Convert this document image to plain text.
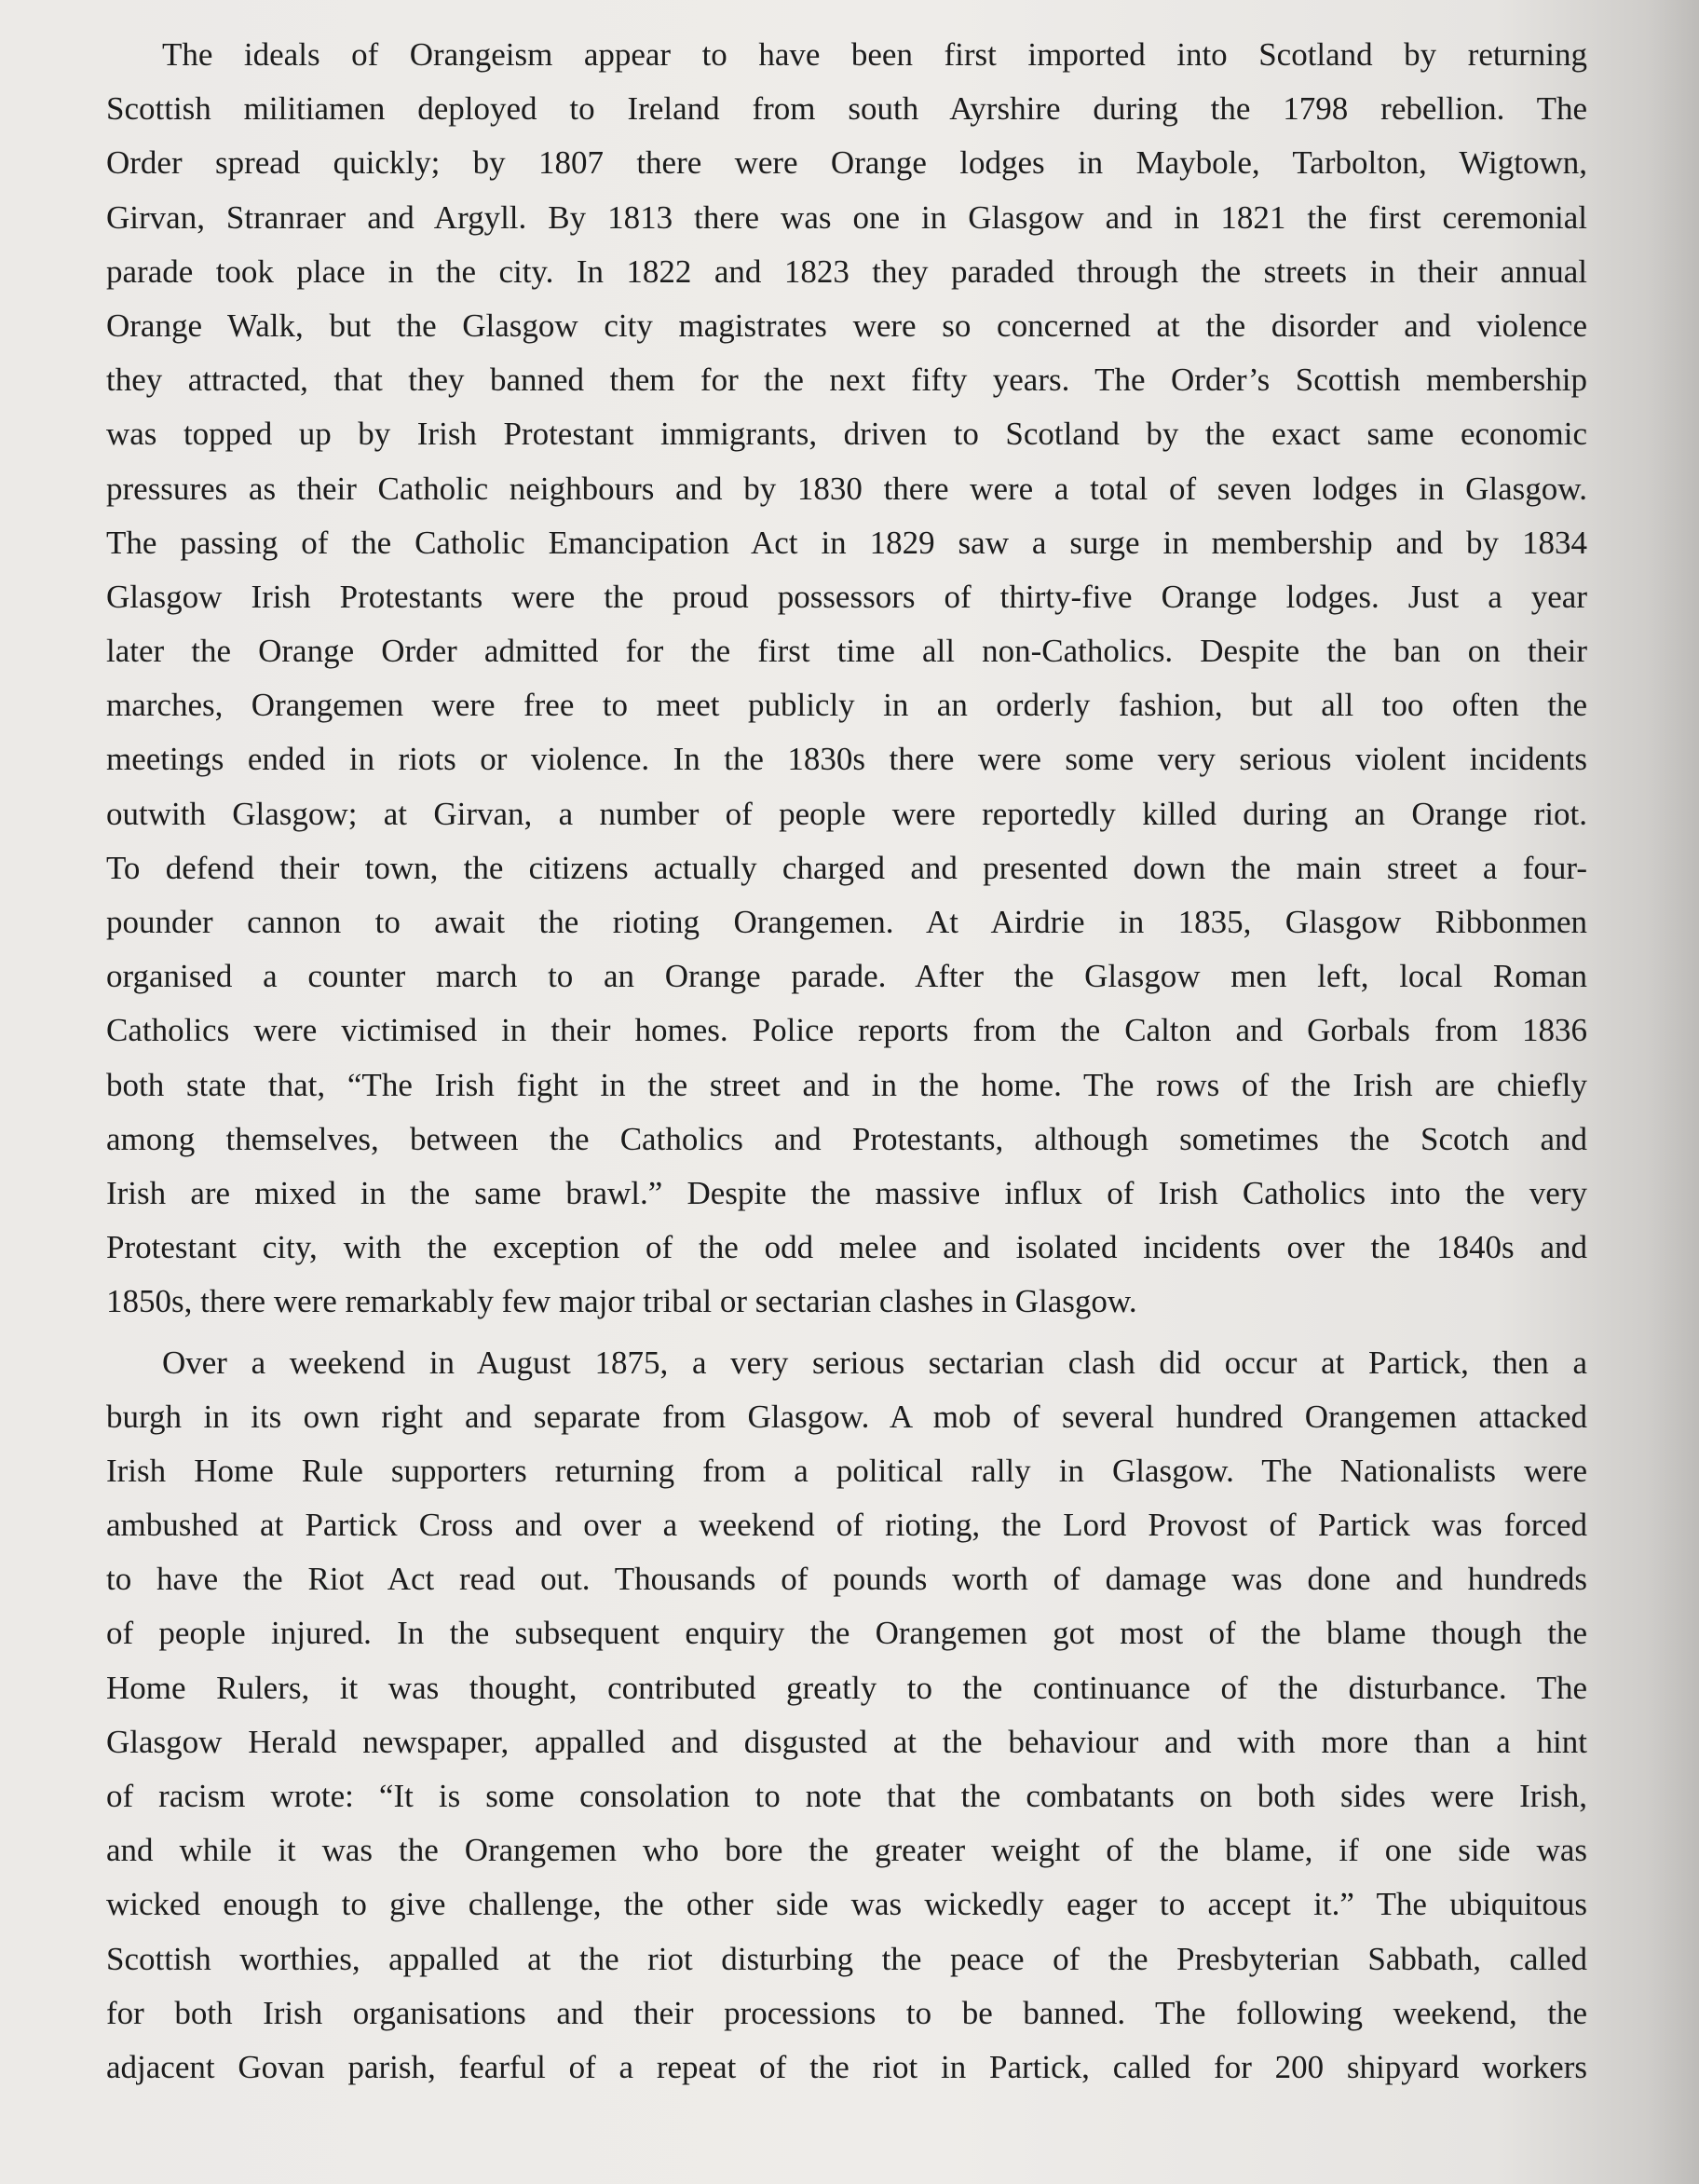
The ideals of Orangeism appear to have been first imported into Scotland by returning
Scottish militiamen deployed to Ireland from south Ayrshire during the 1798 rebellion. The
Order spread quickly; by 1807 there were Orange lodges in Maybole, Tarbolton, Wigtown,
Girvan, Stranraer and Argyll. By 1813 there was one in Glasgow and in 1821 the first ceremonial
parade took place in the city. In 1822 and 1823 they paraded through the streets in their annual
Orange Walk, but the Glasgow city magistrates were so concerned at the disorder and violence
they attracted, that they banned them for the next fifty years. The Order’s Scottish membership
was topped up by Irish Protestant immigrants, driven to Scotland by the exact same economic
pressures as their Catholic neighbours and by 1830 there were a total of seven lodges in Glasgow.
The passing of the Catholic Emancipation Act in 1829 saw a surge in membership and by 1834
Glasgow Irish Protestants were the proud possessors of thirty-five Orange lodges. Just a year
later the Orange Order admitted for the first time all non-Catholics. Despite the ban on their
marches, Orangemen were free to meet publicly in an orderly fashion, but all too often the
meetings ended in riots or violence. In the 1830s there were some very serious violent incidents
outwith Glasgow; at Girvan, a number of people were reportedly killed during an Orange riot.
To defend their town, the citizens actually charged and presented down the main street a four-
pounder cannon to await the rioting Orangemen. At Airdrie in 1835, Glasgow Ribbonmen
organised a counter march to an Orange parade. After the Glasgow men left, local Roman
Catholics were victimised in their homes. Police reports from the Calton and Gorbals from 1836
both state that, “The Irish fight in the street and in the home. The rows of the Irish are chiefly
among themselves, between the Catholics and Protestants, although sometimes the Scotch and
Irish are mixed in the same brawl.” Despite the massive influx of Irish Catholics into the very
Protestant city, with the exception of the odd melee and isolated incidents over the 1840s and
1850s, there were remarkably few major tribal or sectarian clashes in Glasgow.
Over a weekend in August 1875, a very serious sectarian clash did occur at Partick, then a
burgh in its own right and separate from Glasgow. A mob of several hundred Orangemen attacked
Irish Home Rule supporters returning from a political rally in Glasgow. The Nationalists were
ambushed at Partick Cross and over a weekend of rioting, the Lord Provost of Partick was forced
to have the Riot Act read out. Thousands of pounds worth of damage was done and hundreds
of people injured. In the subsequent enquiry the Orangemen got most of the blame though the
Home Rulers, it was thought, contributed greatly to the continuance of the disturbance. The
Glasgow Herald newspaper, appalled and disgusted at the behaviour and with more than a hint
of racism wrote: “It is some consolation to note that the combatants on both sides were Irish,
and while it was the Orangemen who bore the greater weight of the blame, if one side was
wicked enough to give challenge, the other side was wickedly eager to accept it.” The ubiquitous
Scottish worthies, appalled at the riot disturbing the peace of the Presbyterian Sabbath, called
for both Irish organisations and their processions to be banned. The following weekend, the
adjacent Govan parish, fearful of a repeat of the riot in Partick, called for 200 shipyard workers
